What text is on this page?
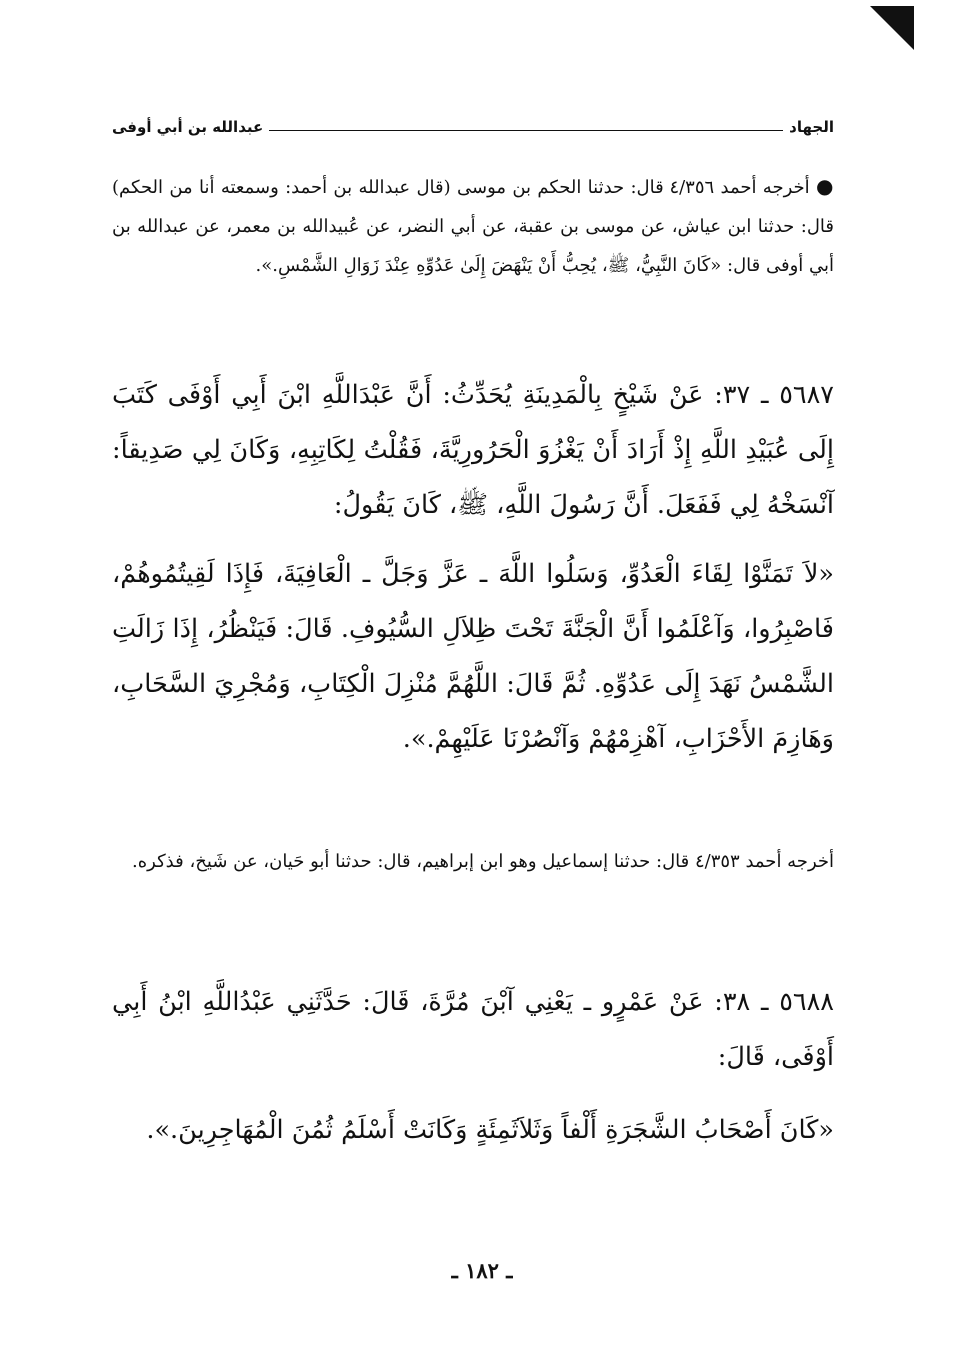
الجهاد
عبدالله بن أبي أوفى
● أخرجه أحمد ٤/٣٥٦ قال: حدثنا الحكم بن موسى (قال عبدالله بن أحمد: وسمعته أنا من الحكم) قال: حدثنا ابن عياش، عن موسى بن عقبة، عن أبي النضر، عن عُبيدالله بن معمر، عن عبدالله بن أبي أوفى قال: «كَانَ النَّبِيُّ، ﷺ، يُحِبُّ أَنْ يَنْهَضَ إِلَىٰ عَدُوِّهِ عِنْدَ زَوَالِ الشَّمْسِ.».
٥٦٨٧ ـ ٣٧: عَنْ شَيْخٍ بِالْمَدِينَةِ يُحَدِّثُ: أَنَّ عَبْدَاللَّهِ ابْنَ أَبِي أَوْفَى كَتَبَ إِلَى عُبَيْدِ اللَّهِ إِذْ أَرَادَ أَنْ يَغْزُوَ الْحَرُورِيَّةَ، فَقُلْتُ لِكَاتِبِهِ، وَكَانَ لِي صَدِيقاً: آنْسَخْهُ لِي فَفَعَلَ. أَنَّ رَسُولَ اللَّهِ، ﷺ، كَانَ يَقُولُ:
«لاَ تَمَنَّوْا لِقَاءَ الْعَدُوِّ، وَسَلُوا اللَّهَ ـ عَزَّ وَجَلَّ ـ الْعَافِيَةَ، فَإِذَا لَقِيتُمُوهُمْ، فَاصْبِرُوا، وَآعْلَمُوا أَنَّ الْجَنَّةَ تَحْتَ ظِلاَلِ السُّيُوفِ. قَالَ: فَيَنْظُرُ، إِذَا زَالَتِ الشَّمْسُ نَهَدَ إِلَى عَدُوِّهِ. ثُمَّ قَالَ: اللَّهُمَّ مُنْزِلَ الْكِتَابِ، وَمُجْرِيَ السَّحَابِ، وَهَازِمَ الأَحْزَابِ، آهْزِمْهُمْ وَآنْصُرْنَا عَلَيْهِمْ.».
أخرجه أحمد ٤/٣٥٣ قال: حدثنا إسماعيل وهو ابن إبراهيم، قال: حدثنا أبو حَيان، عن شَيخ، فذكره.
٥٦٨٨ ـ ٣٨: عَنْ عَمْرٍو ـ يَعْنِي آبْنَ مُرَّةَ، قَالَ: حَدَّثَنِي عَبْدُاللَّهِ ابْنُ أَبِي أَوْفَى، قَالَ:
«كَانَ أَصْحَابُ الشَّجَرَةِ أَلْفاً وَثَلاَثَمِئَةٍ وَكَانَتْ أَسْلَمُ ثُمُنَ الْمُهَاجِرِينَ.».
ـ ١٨٢ ـ
